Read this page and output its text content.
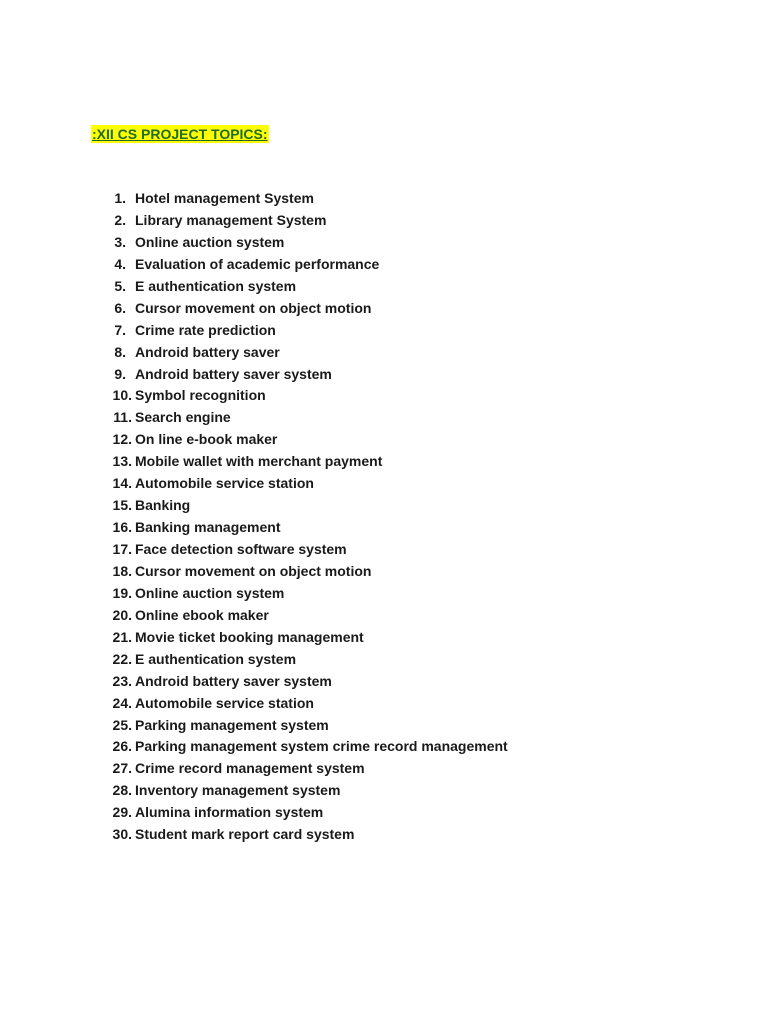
:XII CS PROJECT TOPICS:
1. Hotel management System
2. Library management System
3. Online auction system
4. Evaluation of academic performance
5. E authentication system
6. Cursor movement on object motion
7. Crime rate prediction
8. Android battery saver
9. Android battery saver system
10. Symbol recognition
11. Search engine
12. On line e-book maker
13. Mobile wallet with merchant payment
14. Automobile service station
15. Banking
16. Banking management
17. Face detection software system
18. Cursor movement on object motion
19. Online auction system
20. Online ebook maker
21. Movie ticket booking management
22. E authentication system
23. Android battery saver system
24. Automobile service station
25. Parking management system
26. Parking management system crime record management
27. Crime record management system
28. Inventory management system
29. Alumina information system
30. Student mark report card system
